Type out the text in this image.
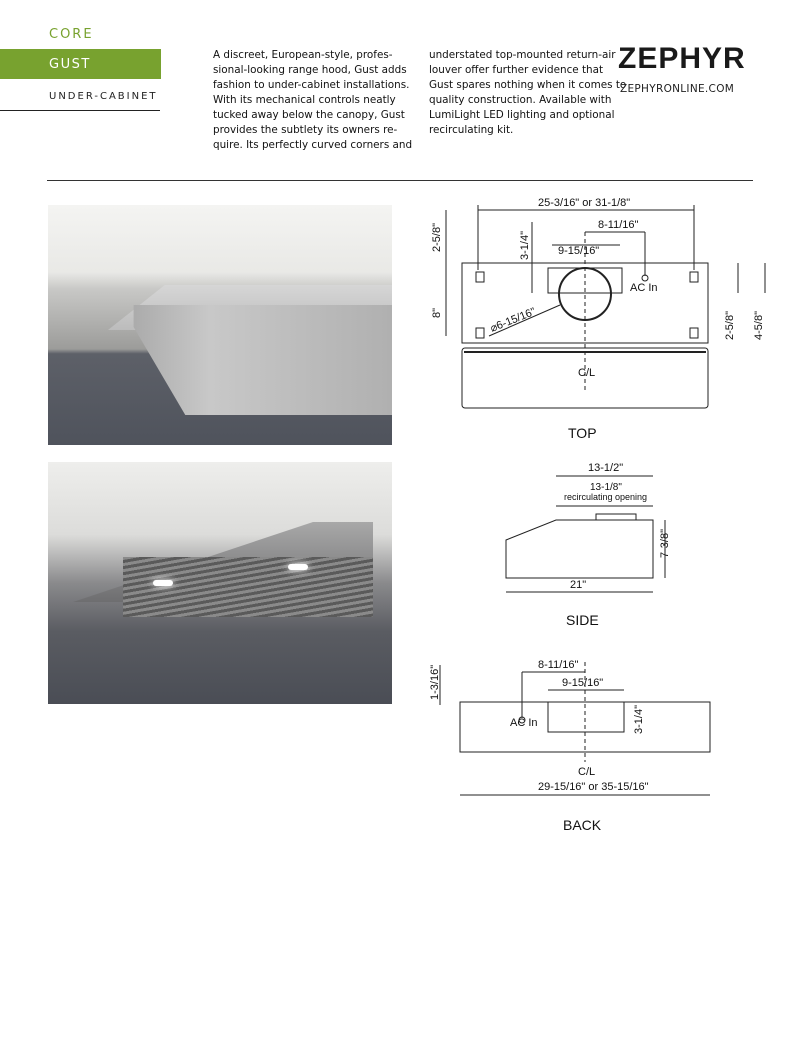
CORE
GUST
UNDER-CABINET
A discreet, European-style, profes-sional-looking range hood, Gust adds fashion to under-cabinet installations. With its mechanical controls neatly tucked away below the canopy, Gust provides the subtlety its owners re-quire. Its perfectly curved corners and
understated top-mounted return-air louver offer further evidence that Gust spares nothing when it comes to quality construction. Available with LumiLight LED lighting and optional recirculating kit.
ZEPHYR
ZEPHYRONLINE.COM
25-3/16" or 31-1/8"
8-11/16"
9-15/16"
AC In
C/L
⌀6-15/16"
2-5/8"
8"
3-1/4"
2-5/8" 4-5/8"
TOP
13-1/2"
13-1/8"
recirculating opening
7-3/8"
21"
SIDE
8-11/16"
9-15/16"
1-3/16"
3-1/4"
AC In
C/L
29-15/16" or 35-15/16"
BACK
